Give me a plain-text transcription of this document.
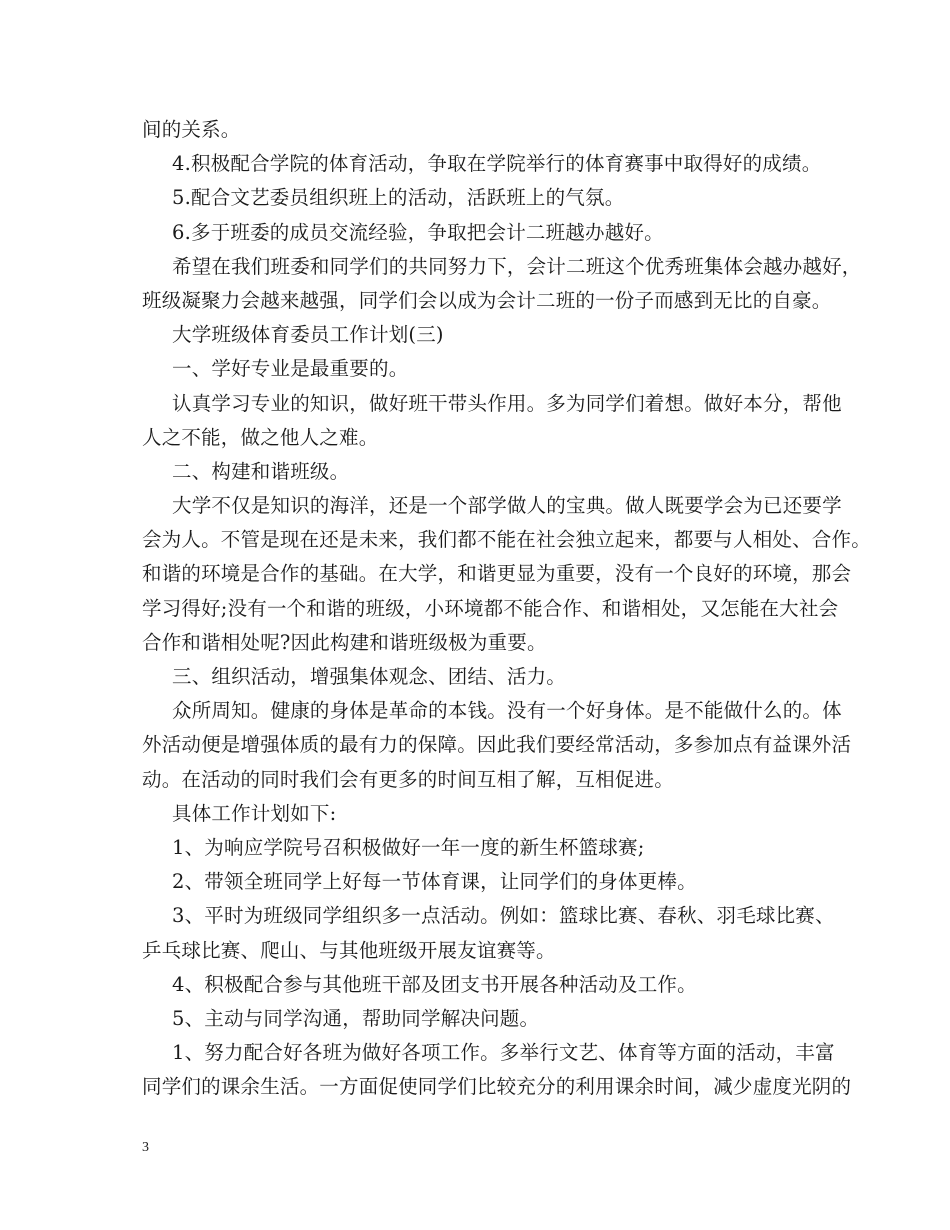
间的关系。
4.积极配合学院的体育活动，争取在学院举行的体育赛事中取得好的成绩。
5.配合文艺委员组织班上的活动，活跃班上的气氛。
6.多于班委的成员交流经验，争取把会计二班越办越好。
希望在我们班委和同学们的共同努力下，会计二班这个优秀班集体会越办越好，
班级凝聚力会越来越强，同学们会以成为会计二班的一份子而感到无比的自豪。
大学班级体育委员工作计划(三)
一、学好专业是最重要的。
认真学习专业的知识，做好班干带头作用。多为同学们着想。做好本分，帮他
人之不能，做之他人之难。
二、构建和谐班级。
大学不仅是知识的海洋，还是一个部学做人的宝典。做人既要学会为已还要学
会为人。不管是现在还是未来，我们都不能在社会独立起来，都要与人相处、合作。
和谐的环境是合作的基础。在大学，和谐更显为重要，没有一个良好的环境，那会
学习得好;没有一个和谐的班级，小环境都不能合作、和谐相处，又怎能在大社会
合作和谐相处呢?因此构建和谐班级极为重要。
三、组织活动，增强集体观念、团结、活力。
众所周知。健康的身体是革命的本钱。没有一个好身体。是不能做什么的。体
外活动便是增强体质的最有力的保障。因此我们要经常活动，多参加点有益课外活
动。在活动的同时我们会有更多的时间互相了解，互相促进。
具体工作计划如下:
1、为响应学院号召积极做好一年一度的新生杯篮球赛;
2、带领全班同学上好每一节体育课，让同学们的身体更棒。
3、平时为班级同学组织多一点活动。例如：篮球比赛、春秋、羽毛球比赛、
乒乓球比赛、爬山、与其他班级开展友谊赛等。
4、积极配合参与其他班干部及团支书开展各种活动及工作。
5、主动与同学沟通，帮助同学解决问题。
1、努力配合好各班为做好各项工作。多举行文艺、体育等方面的活动，丰富
同学们的课余生活。一方面促使同学们比较充分的利用课余时间，减少虚度光阴的
3
